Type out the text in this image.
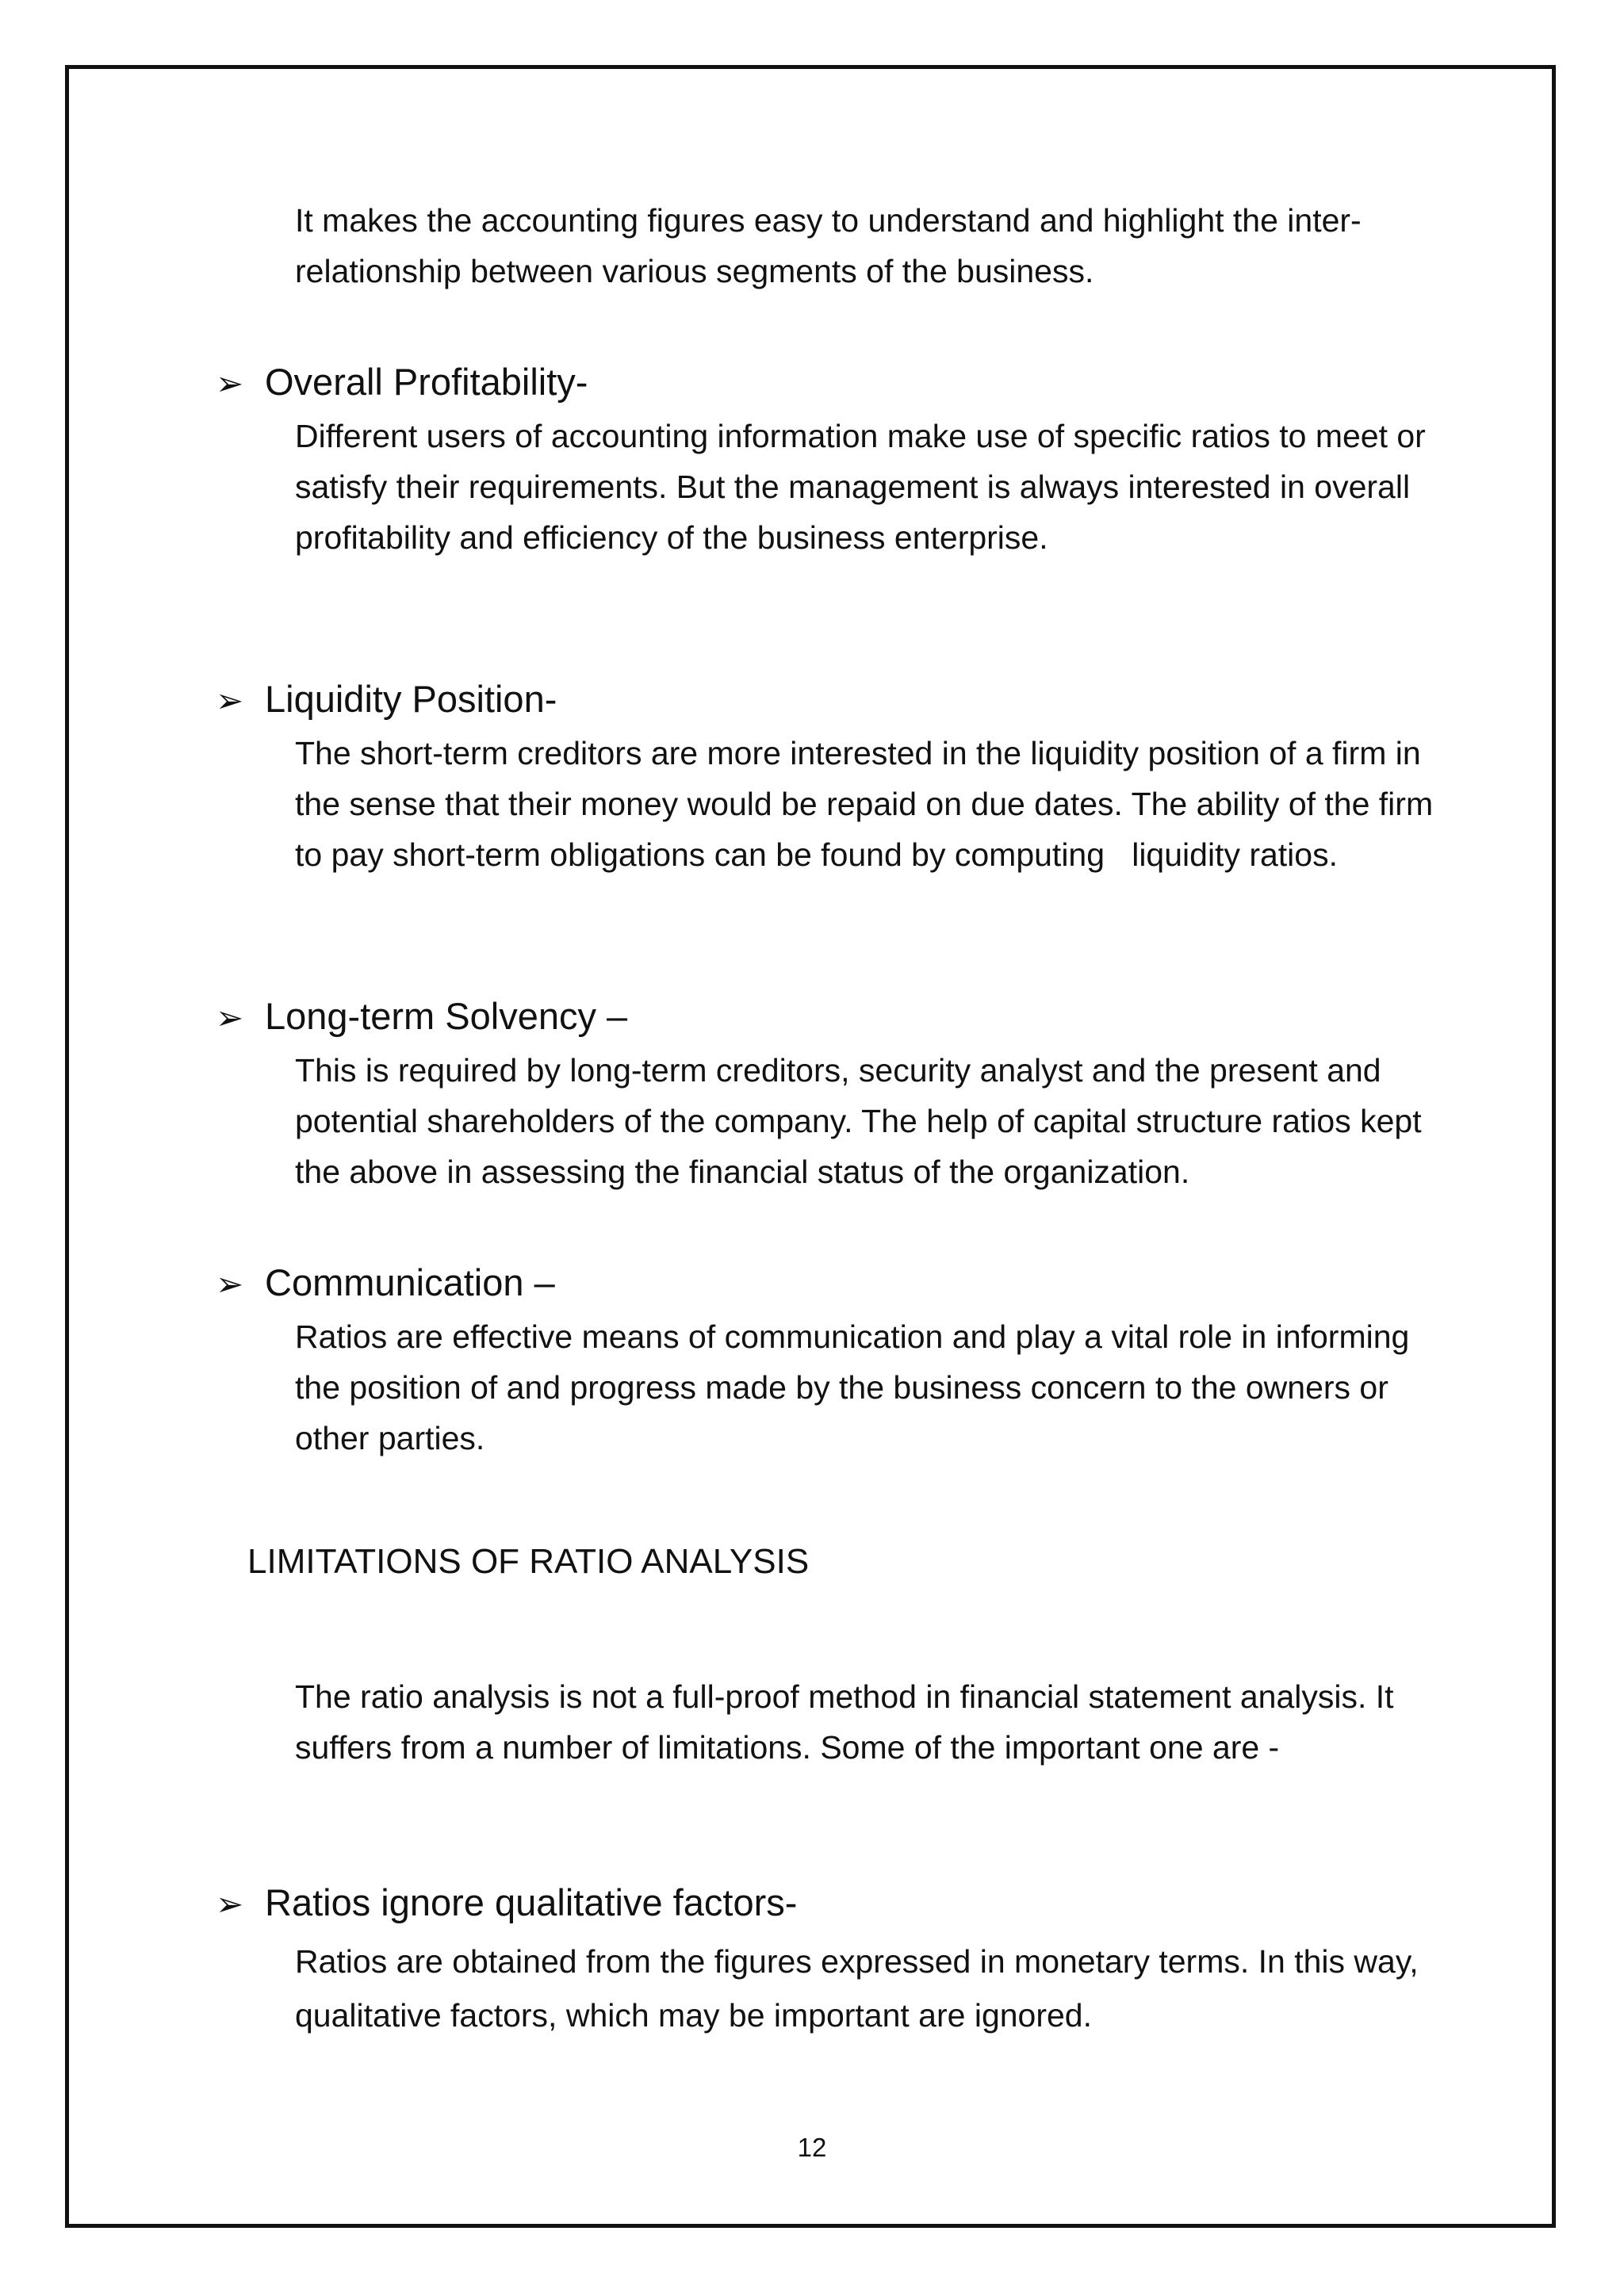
It makes the accounting figures easy to understand and highlight the inter-relationship between various segments of the business.

➢ Overall Profitability-

Different users of accounting information make use of specific ratios to meet or satisfy their requirements. But the management is always interested in overall profitability and efficiency of the business enterprise.

➢ Liquidity Position-

The short-term creditors are more interested in the liquidity position of a firm in the sense that their money would be repaid on due dates. The ability of the firm to pay short-term obligations can be found by computing   liquidity ratios.

➢ Long-term Solvency –

This is required by long-term creditors, security analyst and the present and potential shareholders of the company. The help of capital structure ratios kept the above in assessing the financial status of the organization.

➢ Communication –

Ratios are effective means of communication and play a vital role in informing the position of and progress made by the business concern to the owners or other parties.

LIMITATIONS OF RATIO ANALYSIS

The ratio analysis is not a full-proof method in financial statement analysis. It suffers from a number of limitations. Some of the important one are -

➢ Ratios ignore qualitative factors-

Ratios are obtained from the figures expressed in monetary terms. In this way, qualitative factors, which may be important are ignored.

12
